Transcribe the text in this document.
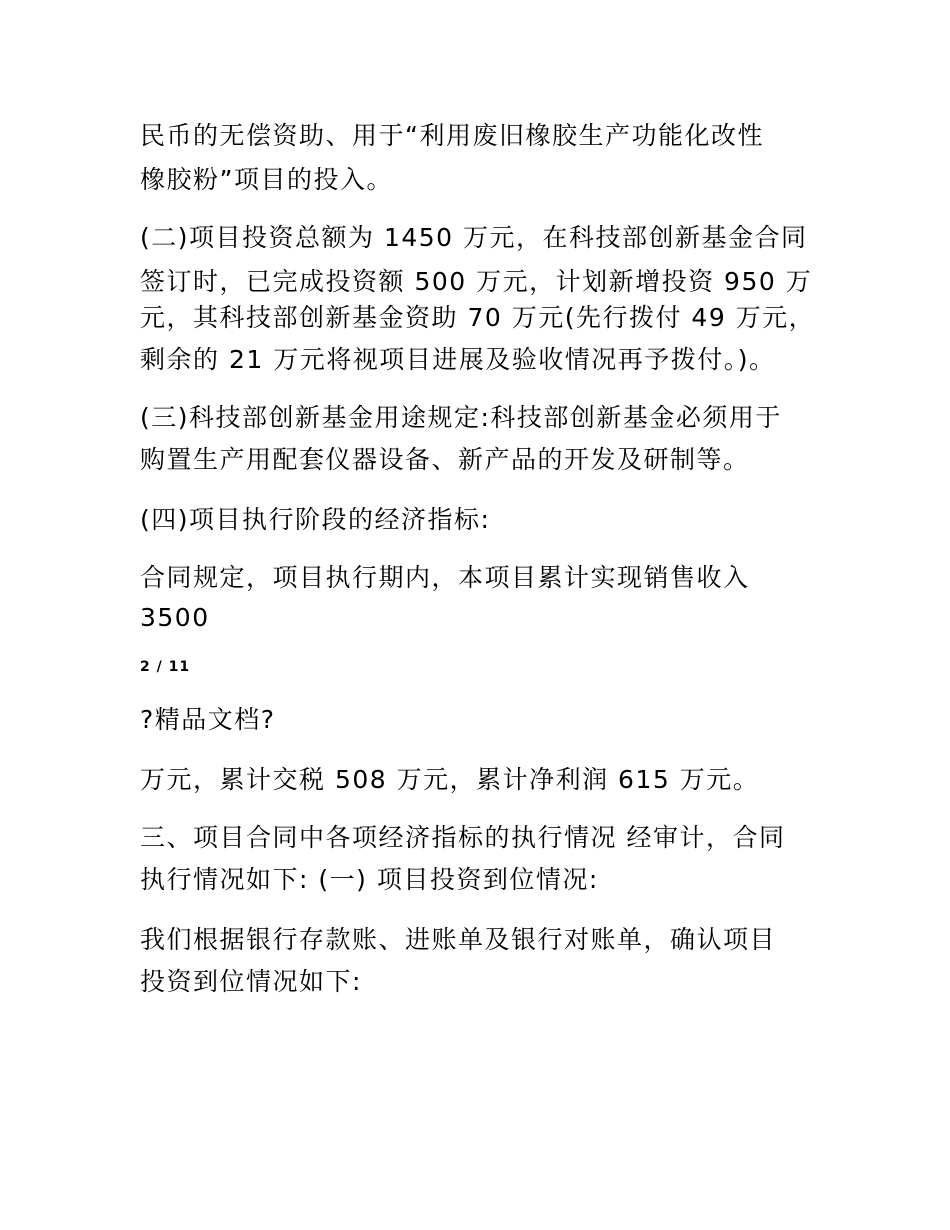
民币的无偿资助、用于“利用废旧橡胶生产功能化改性
橡胶粉”项目的投入。
(二)项目投资总额为 1450 万元，在科技部创新基金合同
签订时，已完成投资额 500 万元，计划新增投资 950 万
元，其科技部创新基金资助 70 万元(先行拨付 49 万元，
剩余的 21 万元将视项目进展及验收情况再予拨付。)。
(三)科技部创新基金用途规定:科技部创新基金必须用于
购置生产用配套仪器设备、新产品的开发及研制等。
(四)项目执行阶段的经济指标:
合同规定，项目执行期内，本项目累计实现销售收入
3500
2 / 11
?精品文档?
万元，累计交税 508 万元，累计净利润 615 万元。
三、项目合同中各项经济指标的执行情况 经审计，合同
执行情况如下: (一) 项目投资到位情况:
我们根据银行存款账、进账单及银行对账单，确认项目
投资到位情况如下:
